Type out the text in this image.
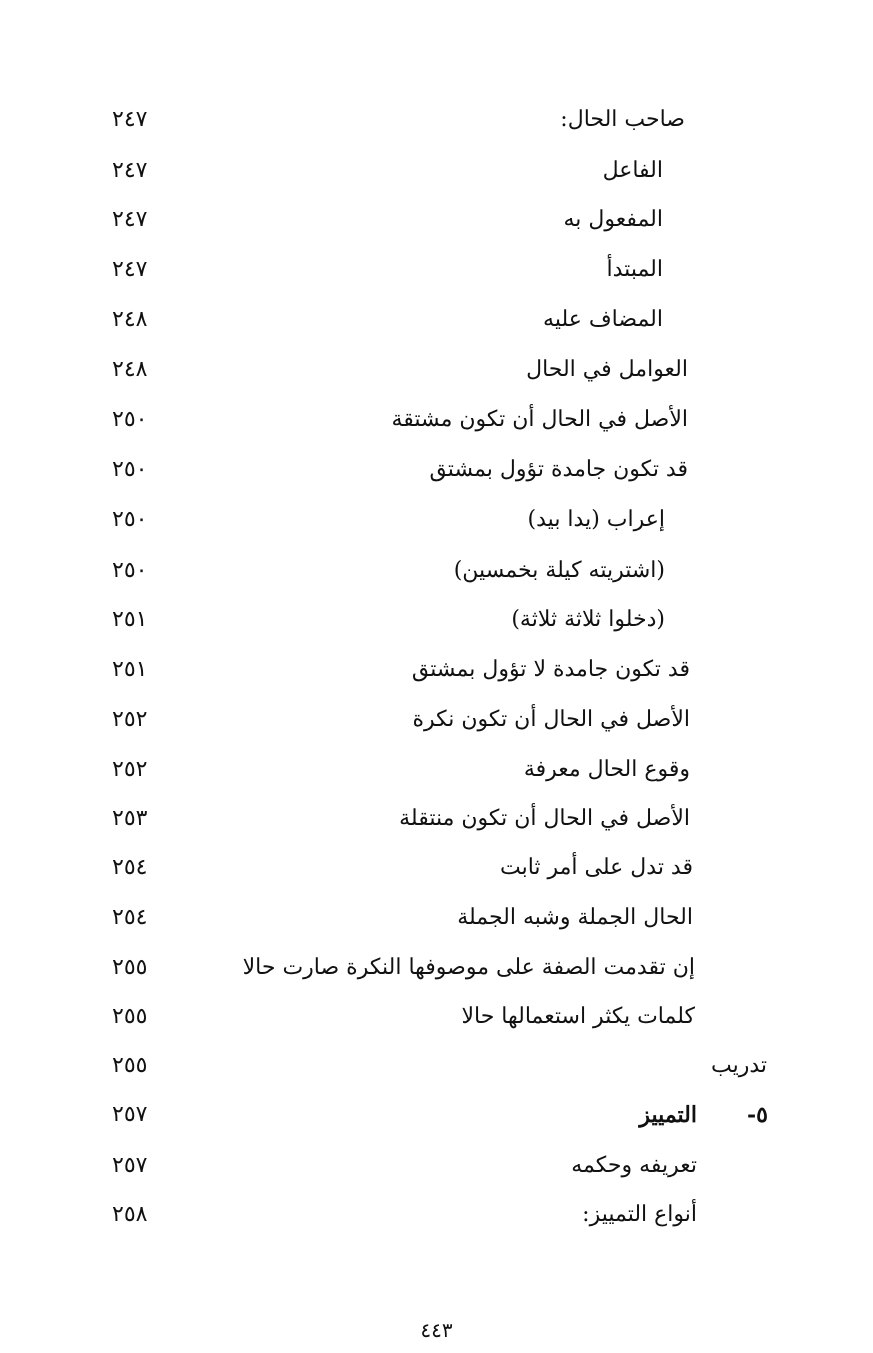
صاحب الحال:
٢٤٧
الفاعل
٢٤٧
المفعول به
٢٤٧
المبتدأ
٢٤٧
المضاف عليه
٢٤٨
العوامل في الحال
٢٤٨
الأصل في الحال أن تكون مشتقة
٢٥٠
قد تكون جامدة تؤول بمشتق
٢٥٠
إعراب (يدا بيد)
٢٥٠
(اشتريته كيلة بخمسين)
٢٥٠
(دخلوا ثلاثة ثلاثة)
٢٥١
قد تكون جامدة لا تؤول بمشتق
٢٥١
الأصل في الحال أن تكون نكرة
٢٥٢
وقوع الحال معرفة
٢٥٢
الأصل في الحال أن تكون منتقلة
٢٥٣
قد تدل على أمر ثابت
٢٥٤
الحال الجملة وشبه الجملة
٢٥٤
إن تقدمت الصفة على موصوفها النكرة صارت حالا
٢٥٥
كلمات يكثر استعمالها حالا
٢٥٥
تدريب
٢٥٥
٥-
التمييز
٢٥٧
تعريفه وحكمه
٢٥٧
أنواع التمييز:
٢٥٨
٤٤٣
